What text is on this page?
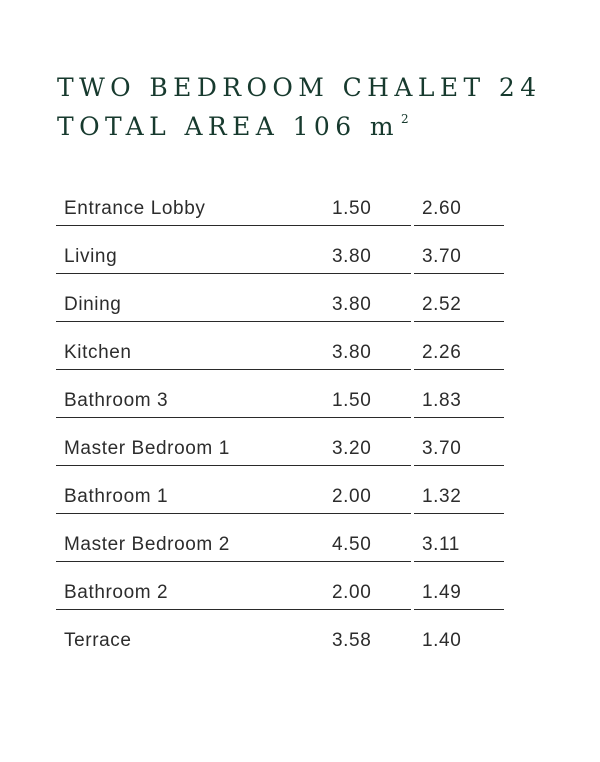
TWO BEDROOM CHALET 24
TOTAL AREA 106 m $^2$
Entrance Lobby	1.50	2.60
Living	3.80	3.70
Dining	3.80	2.52
Kitchen	3.80	2.26
Bathroom 3	1.50	1.83
Master Bedroom 1	3.20	3.70
Bathroom 1	2.00	1.32
Master Bedroom 2	4.50	3.11
Bathroom 2	2.00	1.49
Terrace	3.58	1.40
